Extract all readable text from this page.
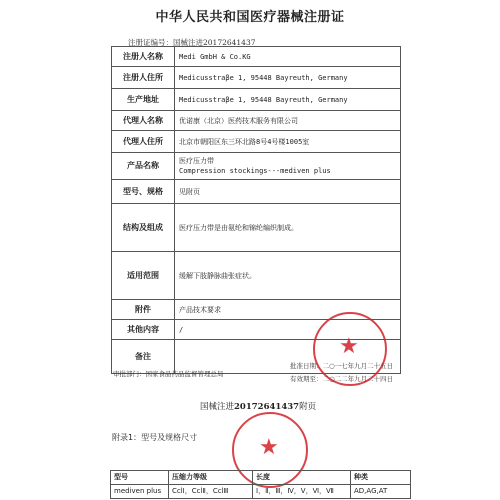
中华人民共和国医疗器械注册证
注册证编号：国械注进20172641437
注册人名称	Medi GmbH & Co.KG
注册人住所	Medicusstraβe 1, 95448 Bayreuth, Germany
生产地址	Medicusstraβe 1, 95448 Bayreuth, Germany
代理人名称	优诺康（北京）医药技术服务有限公司
代理人住所	北京市朝阳区东三环北路8号4号楼1005室
产品名称	医疗压力带
Compression stockings---mediven plus

型号、规格	见附页
结构及组成	医疗压力带是由氨纶和锦纶编织制成。
适用范围	缓解下肢静脉曲张症状。
附件	产品技术要求
其他内容	/
备注		★
批准日期：二○一七年九月二十五日
有效期至：二○二二年九月二十四日
审批部门：国家食品药品监督管理总局
国械注进20172641437附页
★
附录1：型号及规格尺寸
型号	压缩力等级	长度	种类
mediven plus	CclⅠ，CclⅡ，CclⅢ	Ⅰ，Ⅱ，Ⅲ，Ⅳ，Ⅴ，Ⅵ，Ⅶ	AD,AG,AT
